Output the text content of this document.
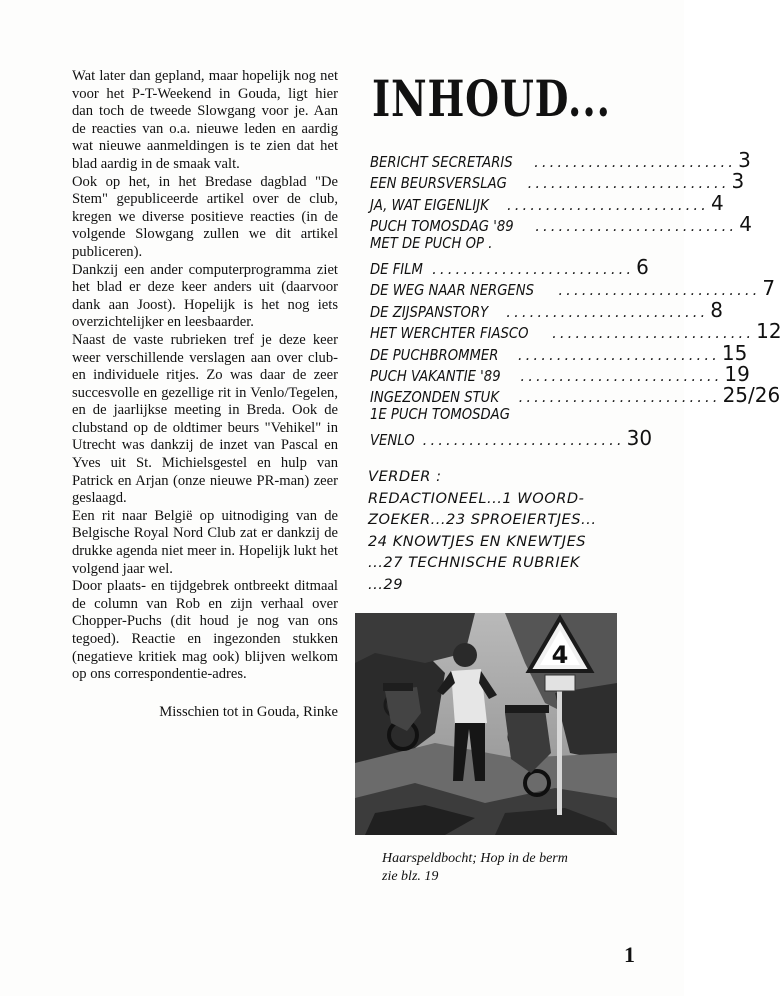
Wat later dan gepland, maar hopelijk nog net voor het P-T-Weekend in Gouda, ligt hier dan toch de tweede Slowgang voor je. Aan de reacties van o.a. nieuwe leden en aardig wat nieuwe aanmeldingen is te zien dat het blad aardig in de smaak valt.

Ook op het, in het Bredase dagblad "De Stem" gepubliceerde artikel over de club, kregen we diverse positieve reacties (in de volgende Slowgang zullen we dit artikel publiceren).

Dankzij een ander computerprogramma ziet het blad er deze keer anders uit (daarvoor dank aan Joost). Hopelijk is het nog iets overzichtelijker en leesbaarder.

Naast de vaste rubrieken tref je deze keer weer verschillende verslagen aan over club- en individuele ritjes. Zo was daar de zeer succesvolle en gezellige rit in Venlo/Tegelen, en de jaarlijkse meeting in Breda. Ook de clubstand op de oldtimer beurs "Vehikel" in Utrecht was dankzij de inzet van Pascal en Yves uit St. Michielsgestel en hulp van Patrick en Arjan (onze nieuwe PR-man) zeer geslaagd.

Een rit naar België op uitnodiging van de Belgische Royal Nord Club zat er dankzij de drukke agenda niet meer in. Hopelijk lukt het volgend jaar wel.

Door plaats- en tijdgebrek ontbreekt ditmaal de column van Rob en zijn verhaal over Chopper-Puchs (dit houd je nog van ons tegoed). Reactie en ingezonden stukken (negatieve kritiek mag ook) blijven welkom op ons correspondentie-adres.

Misschien tot in Gouda, Rinke

INHOUD...
BERICHT SECRETARIS .......................... 3
EEN BEURSVERSLAG .......................... 3
JA, WAT EIGENLIJK .......................... 4
PUCH TOMOSDAG '89 .......................... 4
MET DE PUCH OP .
DE FILM .......................... 6
DE WEG NAAR NERGENS .......................... 7
DE ZIJSPANSTORY .......................... 8
HET WERCHTER FIASCO .......................... 12
DE PUCHBROMMER .......................... 15
PUCH VAKANTIE '89 .......................... 19
INGEZONDEN STUK .......................... 25/26
1E PUCH TOMOSDAG
VENLO .......................... 30
VERDER :
REDACTIONEEL...1 WOORD-
ZOEKER...23 SPROEIERTJES...
24 KNOWTJES EN KNEWTJES
...27 TECHNISCHE RUBRIEK
...29
4
Haarspeldbocht; Hop in de berm
zie blz. 19
1
